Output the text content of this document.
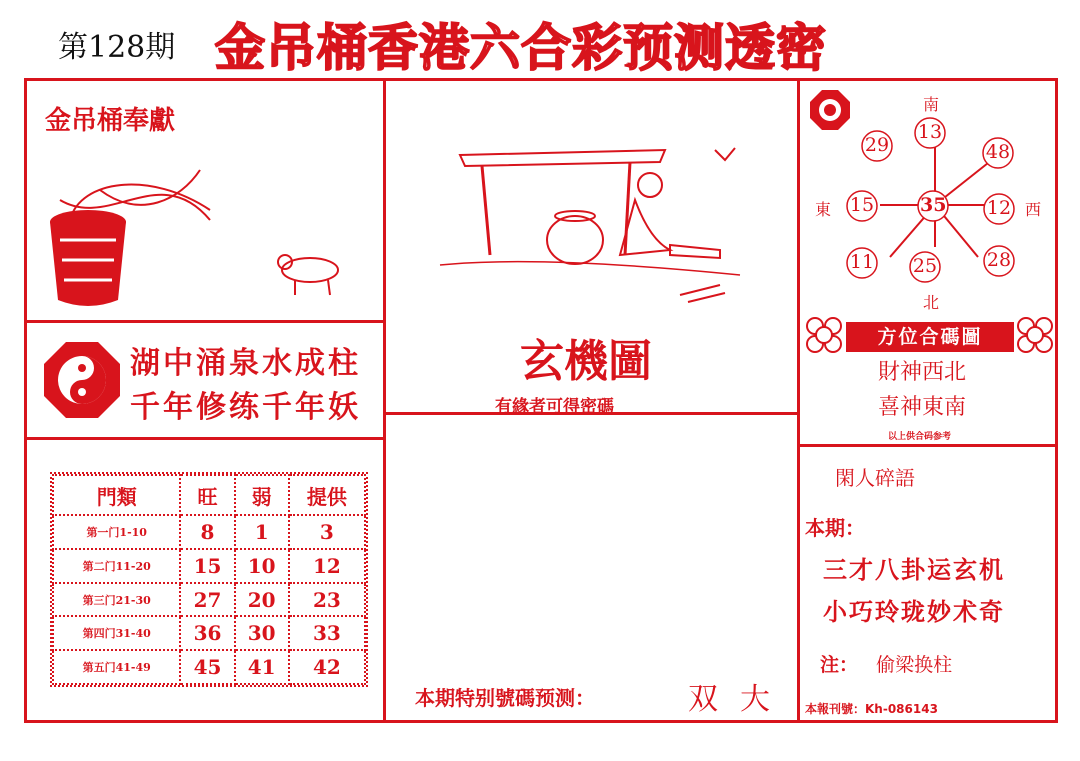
第128期 金吊桶香港六合彩预测透密
金吊桶奉獻
湖中涌泉水成柱
千年修练千年妖
門類	旺	弱	提供
第一门1-10	8	1	3
第二门11-20	15	10	12
第三门21-30	27	20	23
第四门31-40	36	30	33
第五门41-49	45	41	42
玄機圖
有緣者可得密碼
本期特别號碼预测：	双 大
南
北
東	西
13
29	48
15 35 12
11 25	28
方位合碼圖
財神西北
喜神東南
以上供合码参考
閑人碎語
本期：
三才八卦运玄机
小巧玲珑妙术奇
注： 偷梁换柱
本報刊號：Kh-086143
